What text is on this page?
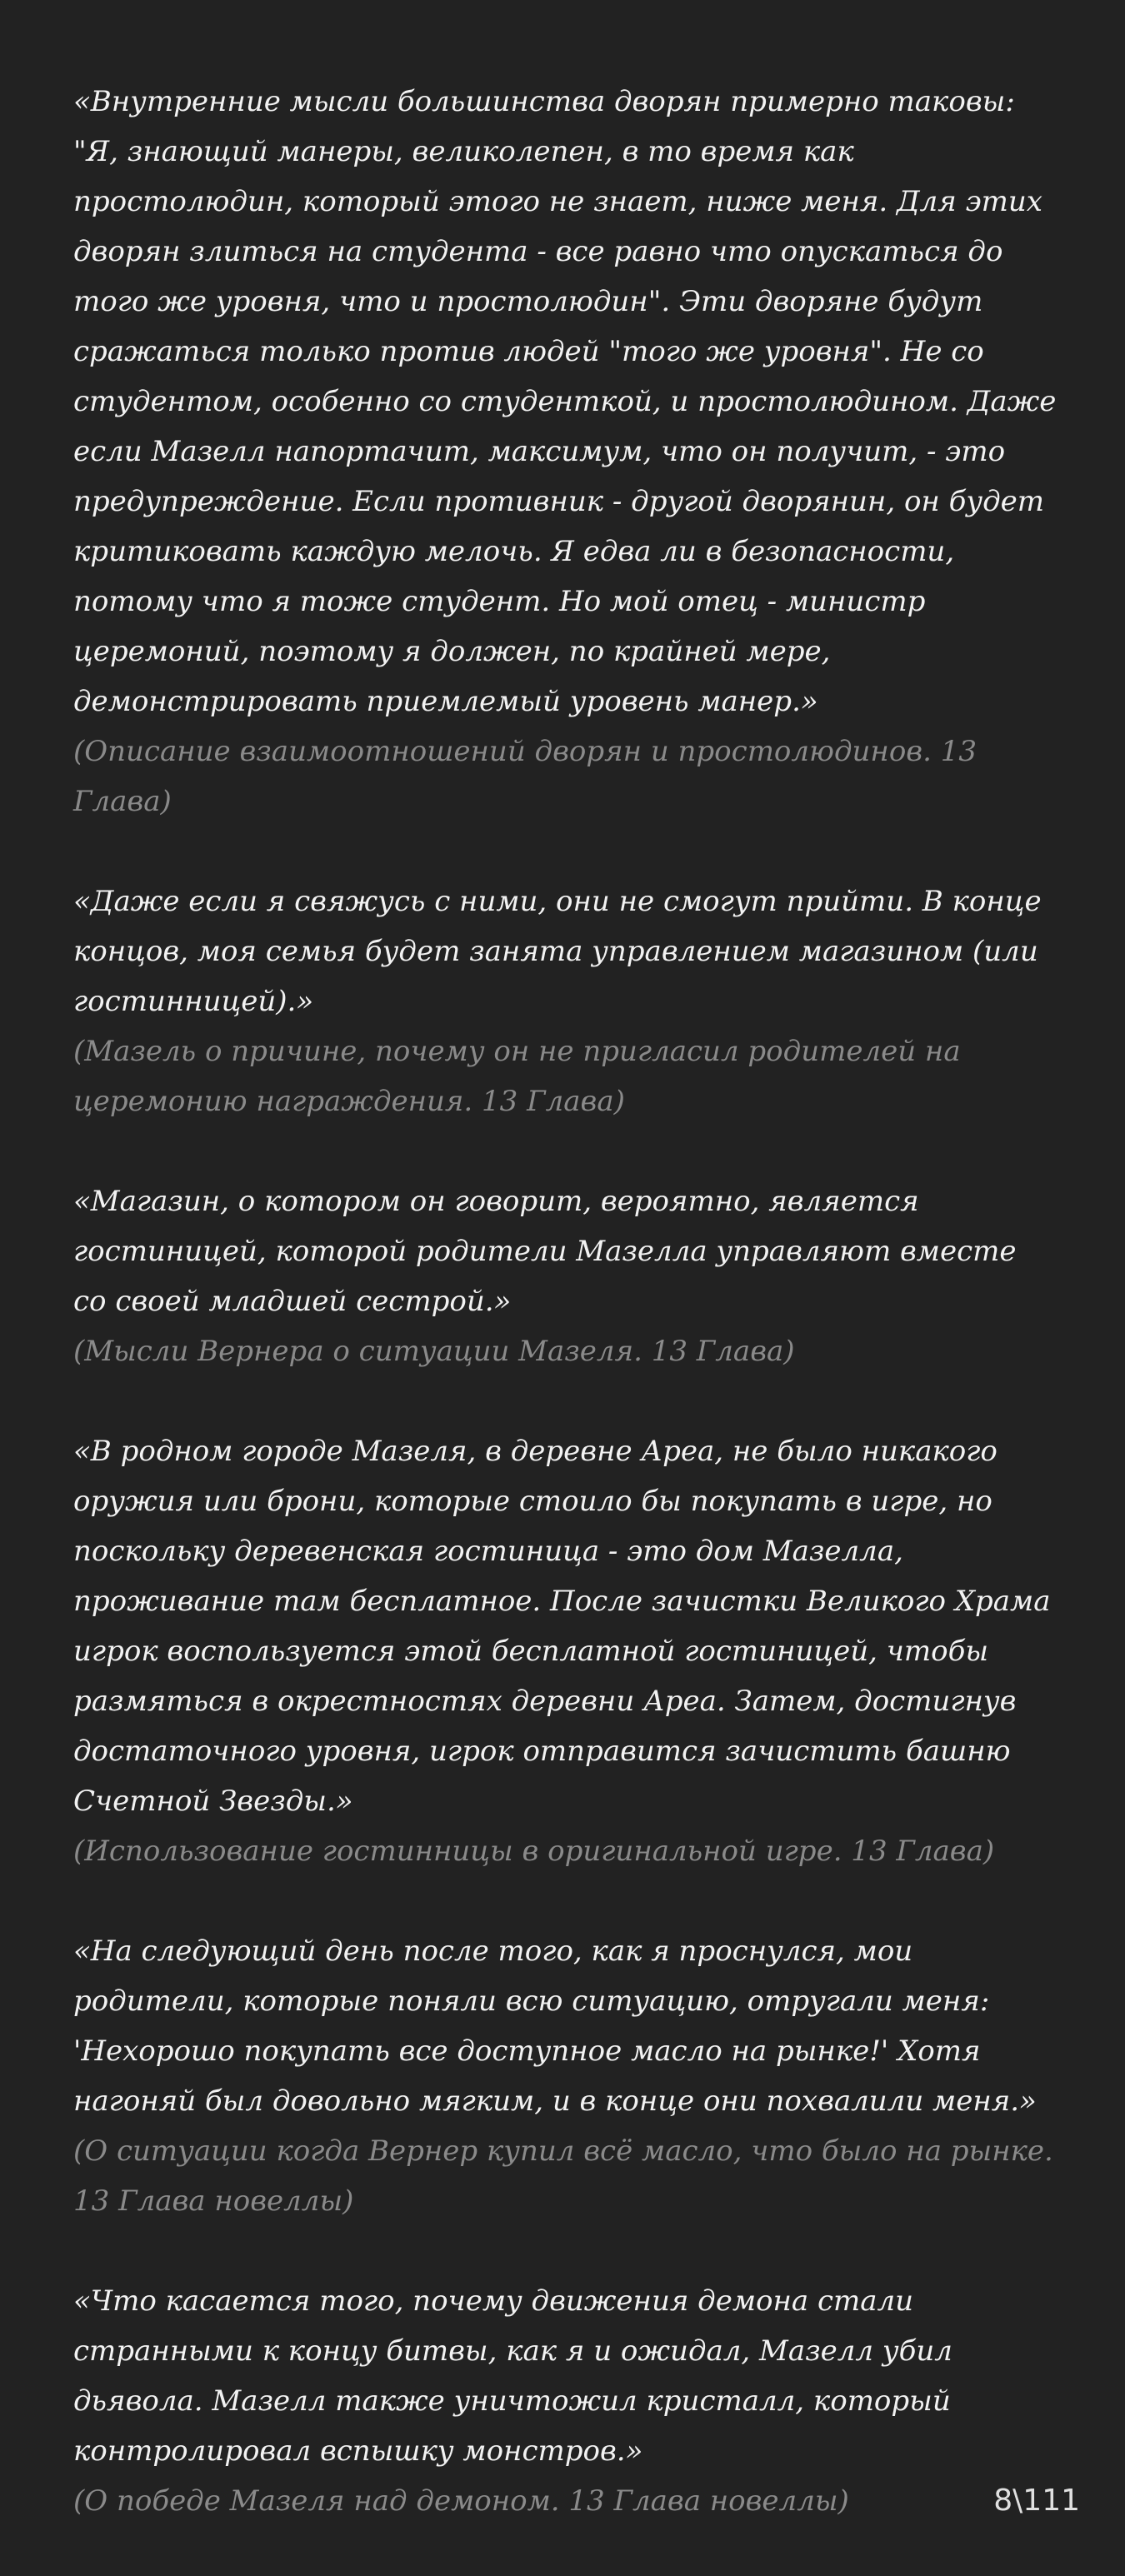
«Внутренние мысли большинства дворян примерно таковы: "Я, знающий манеры, великолепен, в то время как простолюдин, который этого не знает, ниже меня. Для этих дворян злиться на студента - все равно что опускаться до того же уровня, что и простолюдин". Эти дворяне будут сражаться только против людей "того же уровня". Не со студентом, особенно со студенткой, и простолюдином. Даже если Мазелл напортачит, максимум, что он получит, - это предупреждение. Если противник - другой дворянин, он будет критиковать каждую мелочь. Я едва ли в безопасности, потому что я тоже студент. Но мой отец - министр церемоний, поэтому я должен, по крайней мере, демонстрировать приемлемый уровень манер.»

(Описание взаимоотношений дворян и простолюдинов. 13 Глава)

«Даже если я свяжусь с ними, они не смогут прийти. В конце концов, моя семья будет занята управлением магазином (или гостинницей).»

(Мазель о причине, почему он не пригласил родителей на церемонию награждения. 13 Глава)

«Магазин, о котором он говорит, вероятно, является гостиницей, которой родители Мазелла управляют вместе со своей младшей сестрой.»

(Мысли Вернера о ситуации Мазеля. 13 Глава)

«В родном городе Мазеля, в деревне Ареа, не было никакого оружия или брони, которые стоило бы покупать в игре, но поскольку деревенская гостиница - это дом Мазелла, проживание там бесплатное. После зачистки Великого Храма игрок воспользуется этой бесплатной гостиницей, чтобы размяться в окрестностях деревни Ареа. Затем, достигнув достаточного уровня, игрок отправится зачистить башню Счетной Звезды.»

(Использование гостинницы в оригинальной игре. 13 Глава)

«На следующий день после того, как я проснулся, мои родители, которые поняли всю ситуацию, отругали меня: 'Нехорошо покупать все доступное масло на рынке!' Хотя нагоняй был довольно мягким, и в конце они похвалили меня.»

(О ситуации когда Вернер купил всё масло, что было на рынке. 13 Глава новеллы)

«Что касается того, почему движения демона стали странными к концу битвы, как я и ожидал, Мазелл убил дьявола. Мазелл также уничтожил кристалл, который контролировал вспышку монстров.»

(О победе Мазеля над демоном. 13 Глава новеллы)	8\111
